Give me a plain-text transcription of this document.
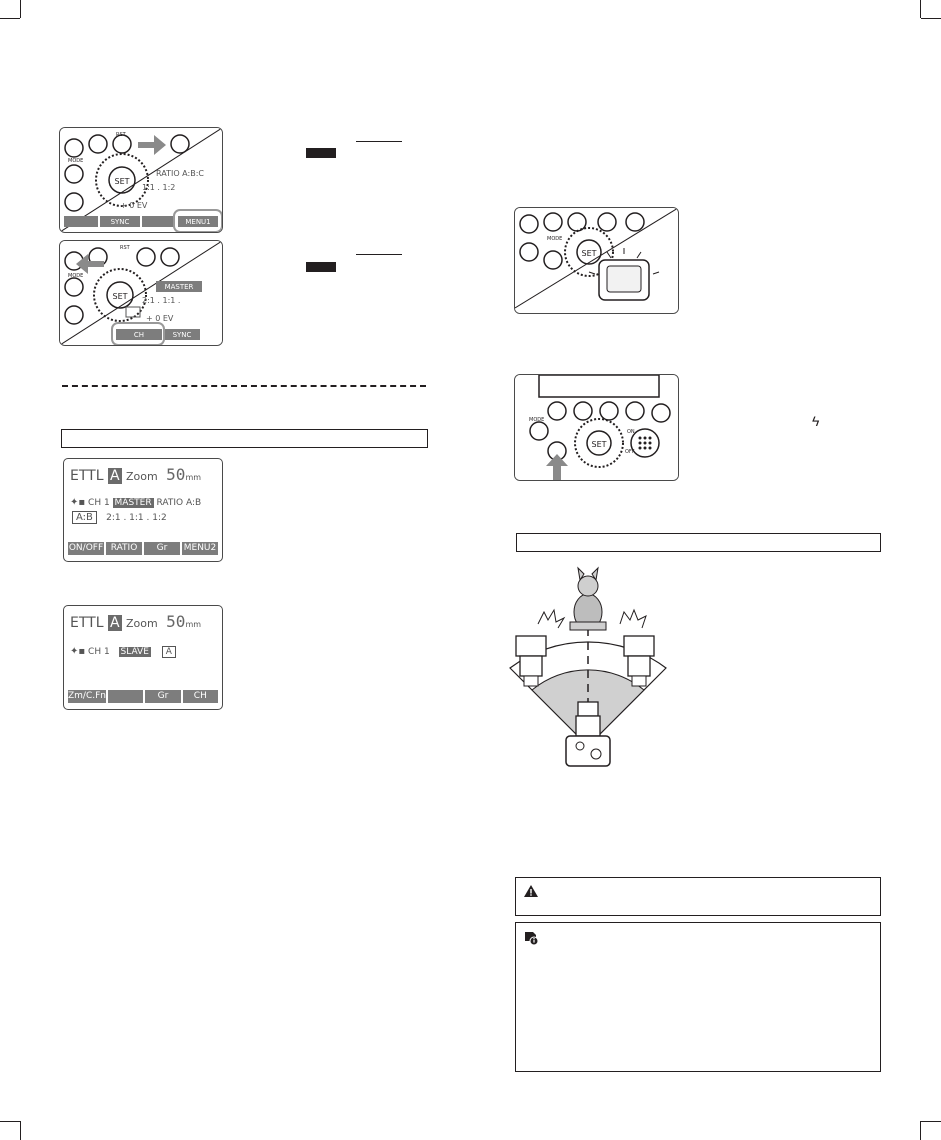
SET
MODE
RST
RATIO A:B:C
1:1 . 1:2
+ 0 EV
SYNC	MENU1
SET
MODE
RST
MASTER
2:1 . 1:1 .
+ 0 EV
CH	SYNC
ETTL A Zoom 50mm
✦▪ CH 1 MASTER RATIO A:B
A:B 2:1 . 1:1 . 1:2
ON/OFF RATIO	Gr	MENU2
ETTL A Zoom 50mm
✦▪ CH 1 SLAVE A
Zm/C.Fn	Gr	CH
SET
MODE
SET
ON
OFF
MODE	ϟ
